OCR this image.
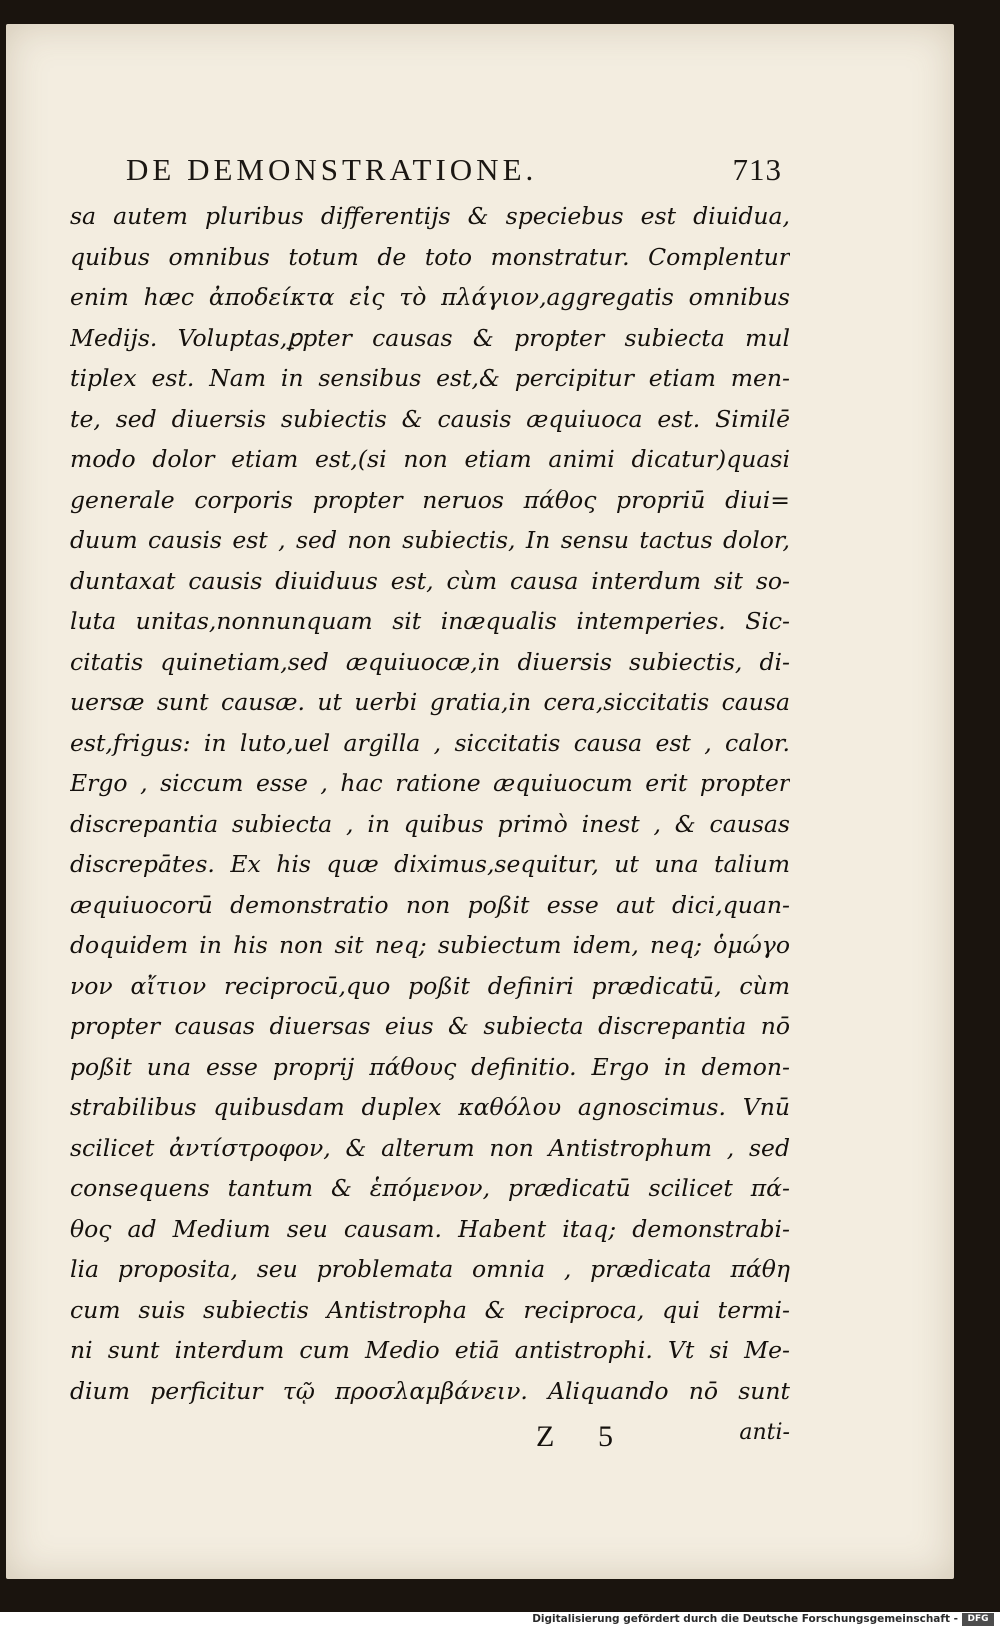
DE DEMONSTRATIONE.	713
sa autem pluribus differentijs & speciebus est diuidua,
quibus omnibus totum de toto monstratur. Complentur
enim hæc ἀποδείκτα εἰς τὸ πλάγιον,aggregatis omnibus
Medijs. Voluptas,ꝑpter causas & propter subiecta mul
tiplex est. Nam in sensibus est,& percipitur etiam men-
te, sed diuersis subiectis & causis æquiuoca est. Similē
modo dolor etiam est,(si non etiam animi dicatur)quasi
generale corporis propter neruos πάθος propriū diui=
duum causis est , sed non subiectis, In sensu tactus dolor,
duntaxat causis diuiduus est, cùm causa interdum sit so-
luta unitas,nonnunquam sit inæqualis intemperies. Sic-
citatis quinetiam,sed æquiuocæ,in diuersis subiectis, di-
uersæ sunt causæ. ut uerbi gratia,in cera,siccitatis causa
est,frigus: in luto,uel argilla , siccitatis causa est , calor.
Ergo , siccum esse , hac ratione æquiuocum erit propter
discrepantia subiecta , in quibus primò inest , & causas
discrepātes. Ex his quæ diximus,sequitur, ut una talium
æquiuocorū demonstratio non poßit esse aut dici,quan-
doquidem in his non sit neq; subiectum idem, neq; ὁμώγο
νον αἴτιον reciprocū,quo poßit definiri prædicatū, cùm
propter causas diuersas eius & subiecta discrepantia nō
poßit una esse proprij πάθους definitio. Ergo in demon-
strabilibus quibusdam duplex καθόλου agnoscimus. Vnū
scilicet ἀντίστροφον, & alterum non Antistrophum , sed
consequens tantum & ἑπόμενον, prædicatū scilicet πά-
θος ad Medium seu causam. Habent itaq; demonstrabi-
lia proposita, seu problemata omnia , prædicata πάθη
cum suis subiectis Antistropha & reciproca, qui termi-
ni sunt interdum cum Medio etiā antistrophi. Vt si Me-
dium perficitur τῷ προσλαμβάνειν. Aliquando nō sunt
Z 5	anti-
Digitalisierung gefördert durch die Deutsche Forschungsgemeinschaft -	DFG
